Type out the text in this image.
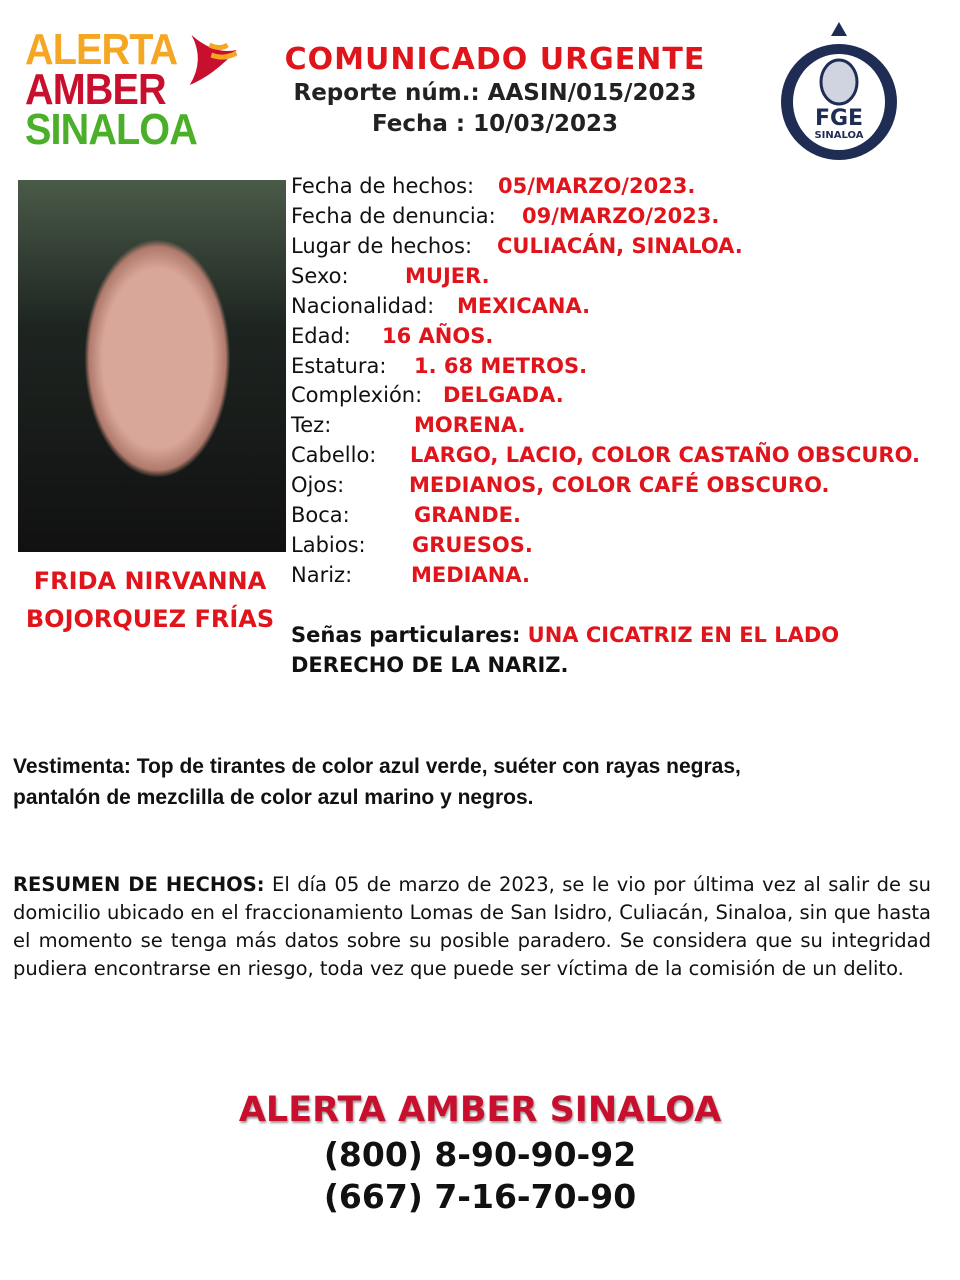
ALERTA
AMBER
SINALOA
COMUNICADO URGENTE
Reporte núm.: AASIN/015/2023
Fecha : 10/03/2023	FGE
SINALOA
FRIDA NIRVANNA
BOJORQUEZ FRÍAS
Fecha de hechos: 05/MARZO/2023.
Fecha de denuncia: 09/MARZO/2023.
Lugar de hechos: CULIACÁN, SINALOA.
Sexo:	MUJER.
Nacionalidad: MEXICANA.
Edad: 16 AÑOS.
Estatura: 1. 68 METROS.
Complexión: DELGADA.
Tez:	MORENA.
Cabello: LARGO, LACIO, COLOR CASTAÑO OBSCURO.
Ojos:	MEDIANOS, COLOR CAFÉ OBSCURO.
Boca:	GRANDE.
Labios: GRUESOS.
Nariz:	MEDIANA.
Señas particulares: UNA CICATRIZ EN EL LADO
DERECHO DE LA NARIZ.
Vestimenta: Top de tirantes de color azul verde, suéter con rayas negras,
pantalón de mezclilla de color azul marino y negros.
RESUMEN DE HECHOS: El día 05 de marzo de 2023, se le vio por última vez al salir de su domicilio ubicado en el fraccionamiento Lomas de San Isidro, Culiacán, Sinaloa, sin que hasta el momento se tenga más datos sobre su posible paradero. Se considera que su integridad pudiera encontrarse en riesgo, toda vez que puede ser víctima de la comisión de un delito.
ALERTA AMBER SINALOA
(800) 8-90-90-92
(667) 7-16-70-90
